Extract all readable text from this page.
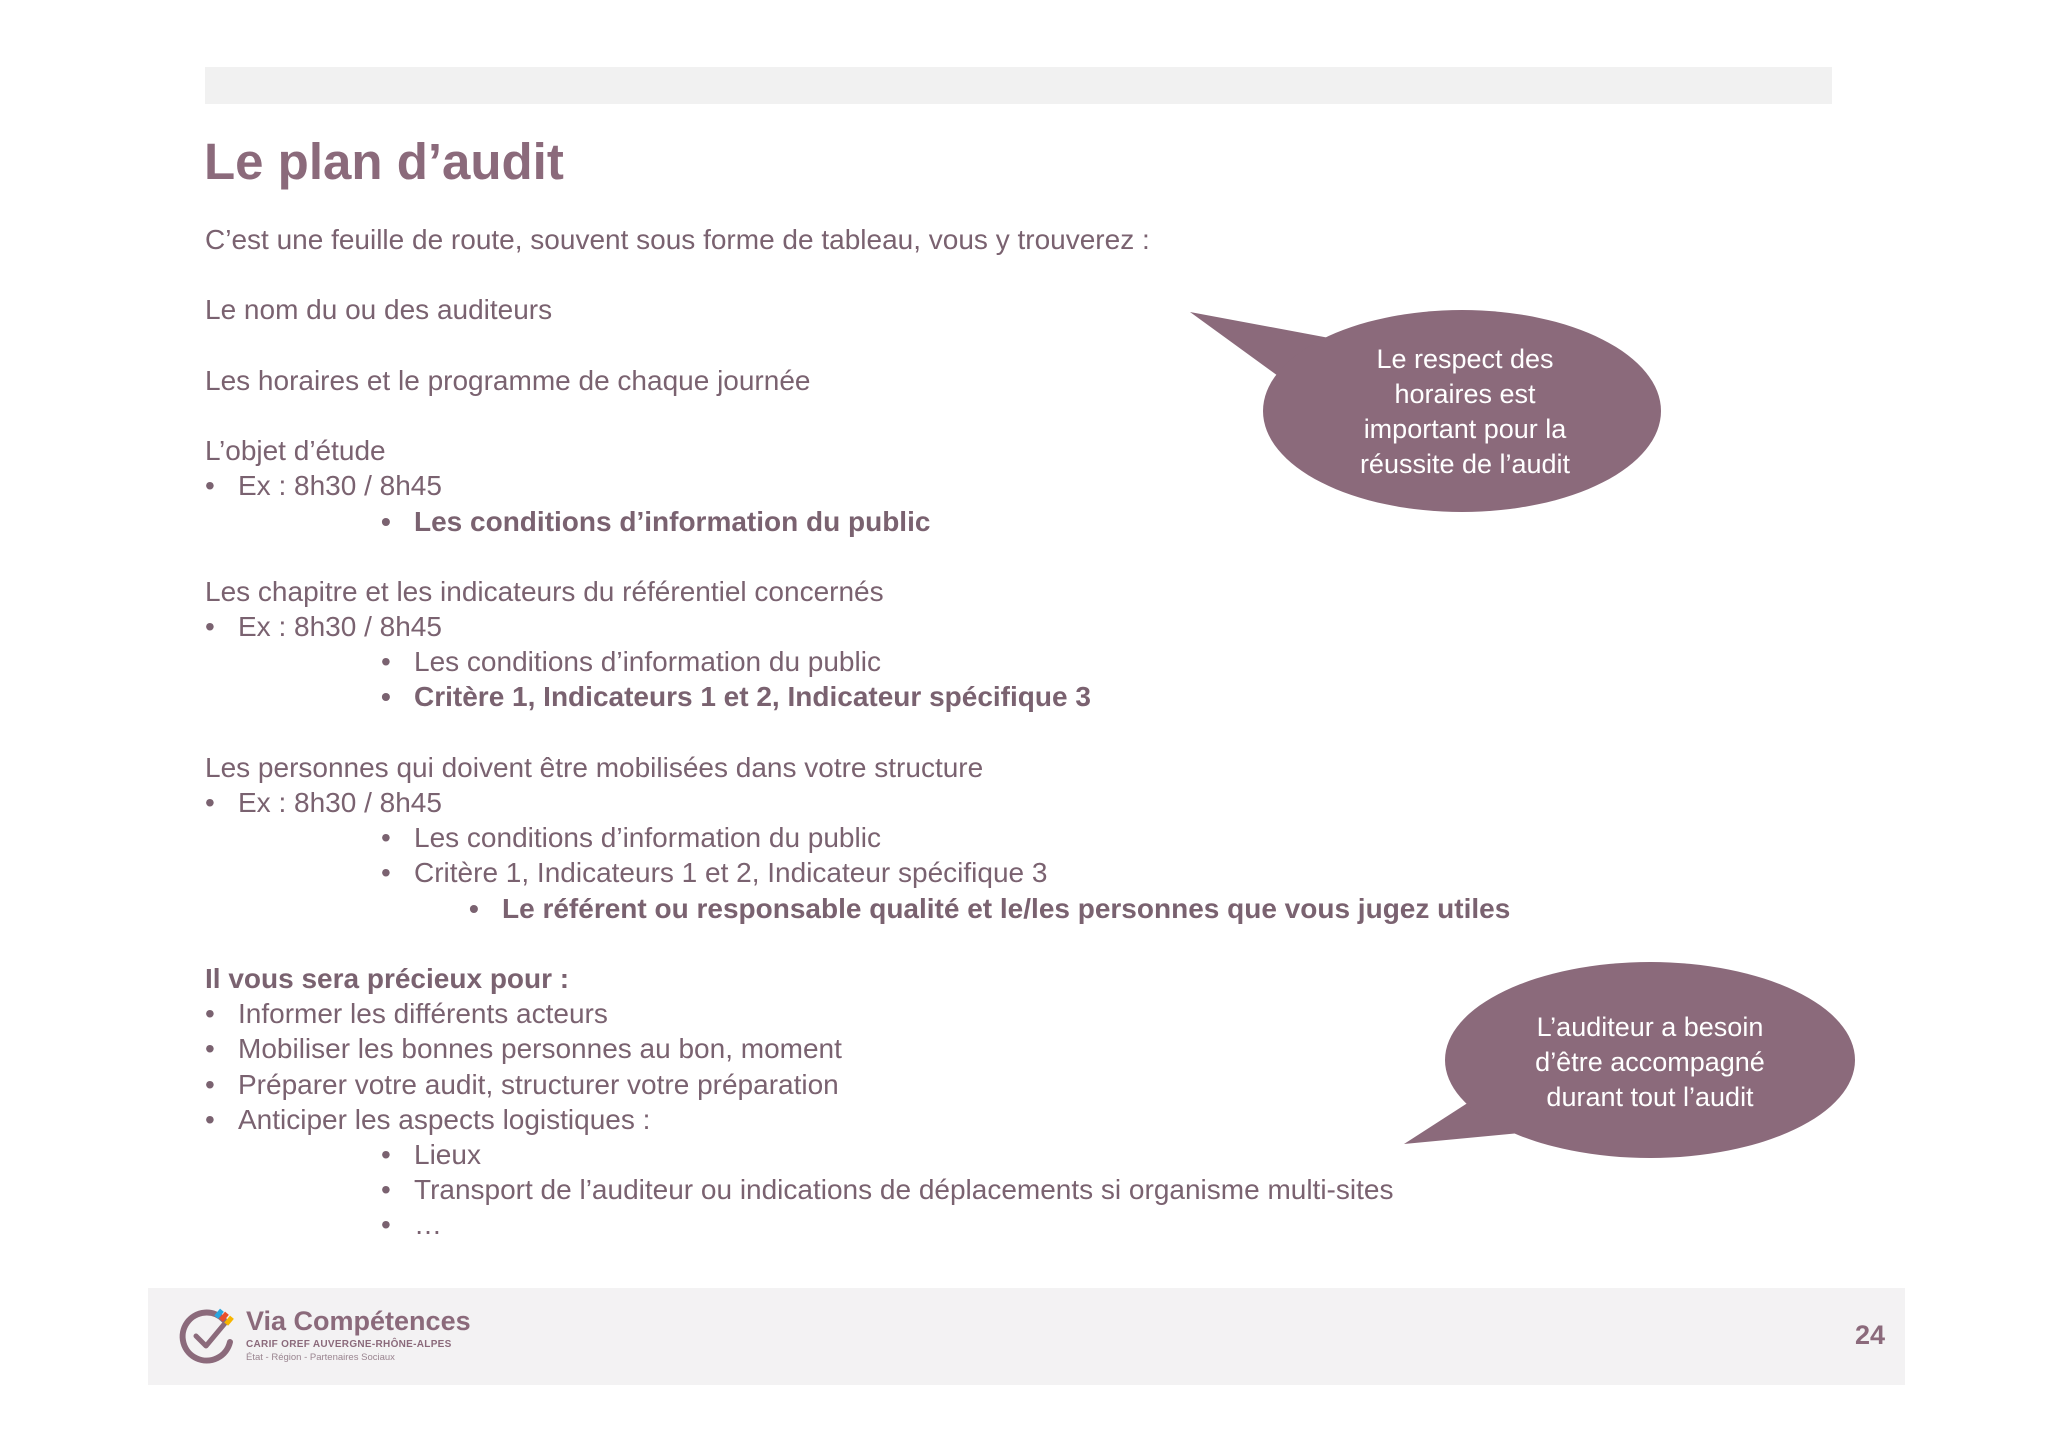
Le plan d’audit
C’est une feuille de route, souvent sous forme de tableau, vous y trouverez :
Le nom du ou des auditeurs
Les horaires et le programme de chaque journée
L’objet d’étude
• Ex : 8h30 / 8h45
• Les conditions d’information du public
Les chapitre et les indicateurs du référentiel concernés
• Ex : 8h30 / 8h45
• Les conditions d’information du public
• Critère 1, Indicateurs 1 et 2, Indicateur spécifique 3
Les personnes qui doivent être mobilisées dans votre structure
• Ex : 8h30 / 8h45
• Les conditions d’information du public
• Critère 1, Indicateurs 1 et 2, Indicateur spécifique 3
• Le référent ou responsable qualité et le/les personnes que vous jugez utiles
Il vous sera précieux pour :
• Informer les différents acteurs
• Mobiliser les bonnes personnes au bon, moment
• Préparer votre audit, structurer votre préparation
• Anticiper les aspects logistiques :
• Lieux
• Transport de l’auditeur ou indications de déplacements si organisme multi-sites
• …
Le respect des
horaires est
important pour la
réussite de l’audit
L’auditeur a besoin
d’être accompagné
durant tout l’audit
Via Compétences
CARIF OREF AUVERGNE-RHÔNE-ALPES
État - Région - Partenaires Sociaux
24
